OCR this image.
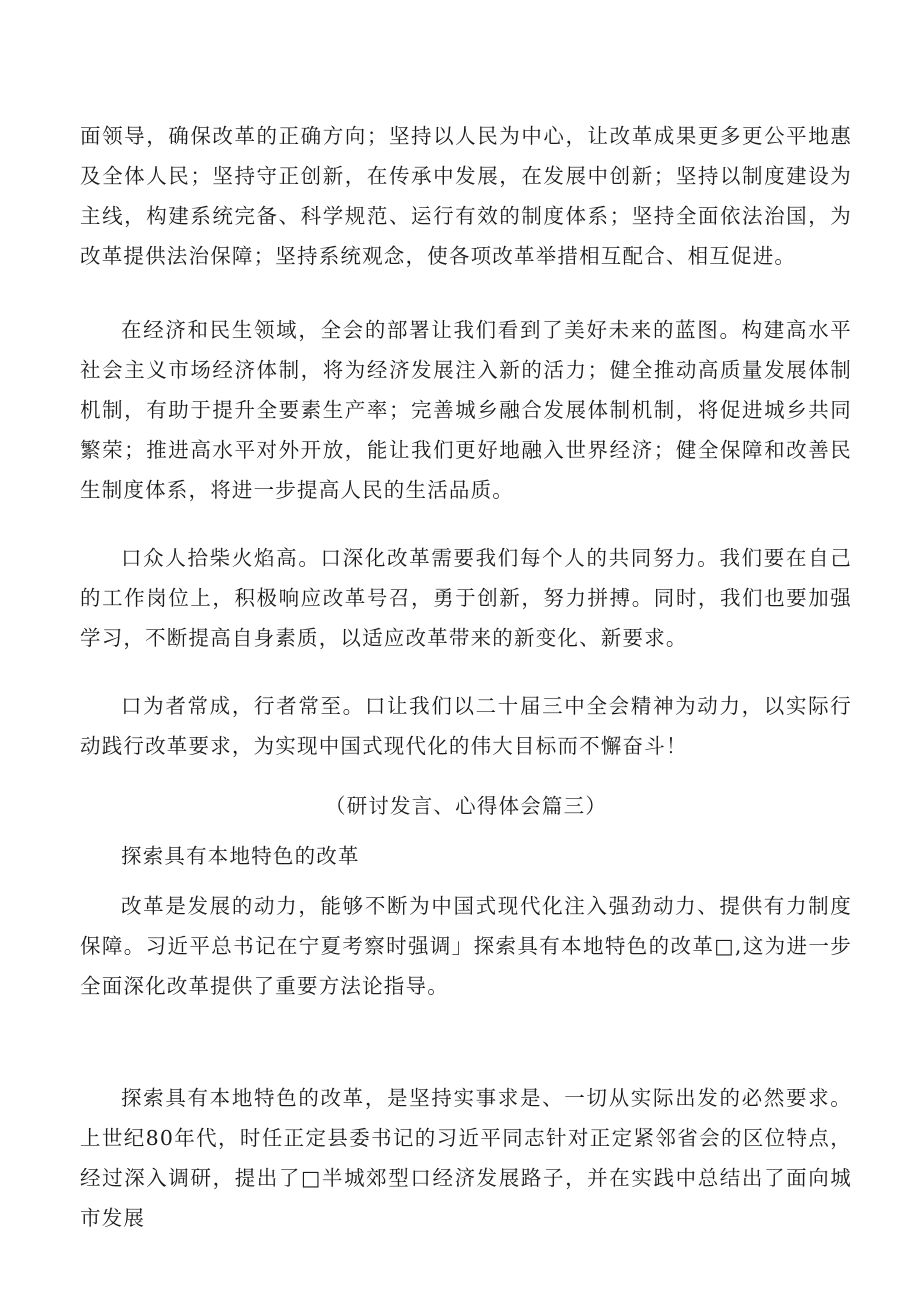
面领导，确保改革的正确方向；坚持以人民为中心，让改革成果更多更公平地惠及全体人民；坚持守正创新，在传承中发展，在发展中创新；坚持以制度建设为主线，构建系统完备、科学规范、运行有效的制度体系；坚持全面依法治国，为改革提供法治保障；坚持系统观念，使各项改革举措相互配合、相互促进。

在经济和民生领域，全会的部署让我们看到了美好未来的蓝图。构建高水平社会主义市场经济体制，将为经济发展注入新的活力；健全推动高质量发展体制机制，有助于提升全要素生产率；完善城乡融合发展体制机制，将促进城乡共同繁荣；推进高水平对外开放，能让我们更好地融入世界经济；健全保障和改善民生制度体系，将进一步提高人民的生活品质。

口众人拾柴火焰高。口深化改革需要我们每个人的共同努力。我们要在自己的工作岗位上，积极响应改革号召，勇于创新，努力拼搏。同时，我们也要加强学习，不断提高自身素质，以适应改革带来的新变化、新要求。

口为者常成，行者常至。口让我们以二十届三中全会精神为动力，以实际行动践行改革要求，为实现中国式现代化的伟大目标而不懈奋斗！

（研讨发言、心得体会篇三）

探索具有本地特色的改革

改革是发展的动力，能够不断为中国式现代化注入强劲动力、提供有力制度保障。习近平总书记在宁夏考察时强调」探索具有本地特色的改革□,这为进一步全面深化改革提供了重要方法论指导。

探索具有本地特色的改革，是坚持实事求是、一切从实际出发的必然要求。上世纪80年代，时任正定县委书记的习近平同志针对正定紧邻省会的区位特点，经过深入调研，提出了□半城郊型口经济发展路子，并在实践中总结出了面向城市发展
